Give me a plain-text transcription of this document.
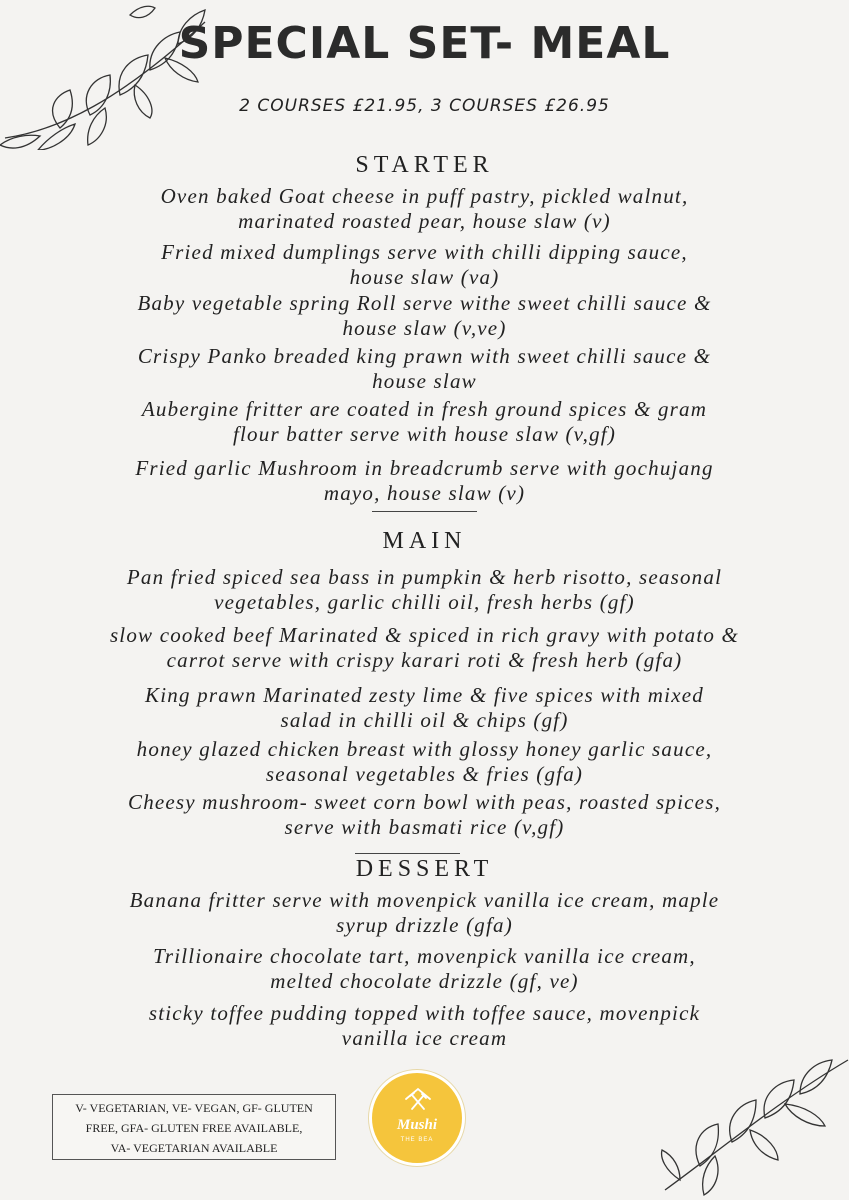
SPECIAL SET- MEAL
2 COURSES £21.95, 3 COURSES £26.95
STARTER
Oven baked Goat cheese in puff pastry, pickled walnut,
marinated roasted pear, house slaw (v)
Fried mixed dumplings serve with chilli dipping sauce,
house slaw (va)
Baby vegetable spring Roll serve withe sweet chilli sauce &
house slaw (v,ve)
Crispy Panko breaded king prawn with sweet chilli sauce &
house slaw
Aubergine fritter are coated in fresh ground spices & gram
flour batter serve with house slaw (v,gf)
Fried garlic Mushroom in breadcrumb serve with gochujang
mayo, house slaw (v)
MAIN
Pan fried spiced sea bass in pumpkin & herb risotto, seasonal
vegetables, garlic chilli oil, fresh herbs (gf)
slow cooked beef Marinated & spiced in rich gravy with potato &
carrot serve with crispy karari roti & fresh herb (gfa)
King prawn Marinated zesty lime & five spices with mixed
salad in chilli oil & chips (gf)
honey glazed chicken breast with glossy honey garlic sauce,
seasonal vegetables & fries (gfa)
Cheesy mushroom- sweet corn bowl with peas, roasted spices,
serve with basmati rice (v,gf)
DESSERT
Banana fritter serve with movenpick vanilla ice cream, maple
syrup drizzle (gfa)
Trillionaire chocolate tart, movenpick vanilla ice cream,
melted chocolate drizzle (gf, ve)
sticky toffee pudding topped with toffee sauce, movenpick
vanilla ice cream
V- VEGETARIAN, VE- VEGAN, GF- GLUTEN
FREE, GFA- GLUTEN FREE AVAILABLE,
VA- VEGETARIAN AVAILABLE
Mushi
THE BEA
